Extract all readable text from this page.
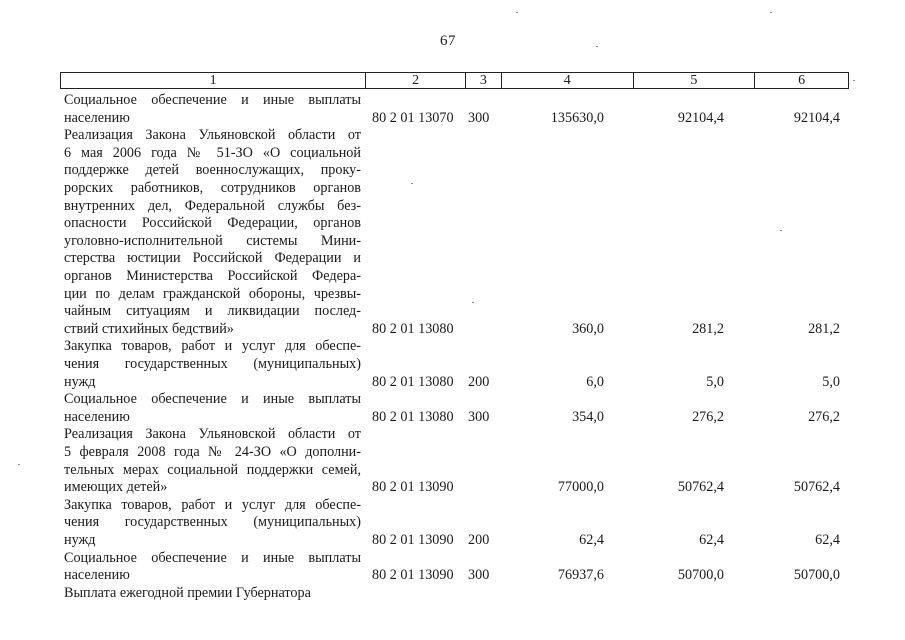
67
1	2	3	4	5	6
Социальное обеспечение и иные выплаты
населению	80 2 01 13070 300	135630,0	92104,4	92104,4
Реализация Закона Ульяновской области от
6 мая 2006 года № 51-ЗО «О социальной
поддержке детей военнослужащих, проку-
рорских работников, сотрудников органов
внутренних дел, Федеральной службы без-
опасности Российской Федерации, органов
уголовно-исполнительной системы Мини-
стерства юстиции Российской Федерации и
органов Министерства Российской Федера-
ции по делам гражданской обороны, чрезвы-
чайным ситуациям и ликвидации послед-
ствий стихийных бедствий»	80 2 01 13080	360,0	281,2	281,2
Закупка товаров, работ и услуг для обеспе-
чения государственных (муниципальных)
нужд	80 2 01 13080 200	6,0	5,0	5,0
Социальное обеспечение и иные выплаты
населению	80 2 01 13080 300	354,0	276,2	276,2
Реализация Закона Ульяновской области от
5 февраля 2008 года № 24-ЗО «О дополни-
тельных мерах социальной поддержки семей,
имеющих детей»	80 2 01 13090	77000,0	50762,4	50762,4
Закупка товаров, работ и услуг для обеспе-
чения государственных (муниципальных)
нужд	80 2 01 13090 200	62,4	62,4	62,4
Социальное обеспечение и иные выплаты
населению	80 2 01 13090 300	76937,6	50700,0	50700,0
Выплата ежегодной премии Губернатора
